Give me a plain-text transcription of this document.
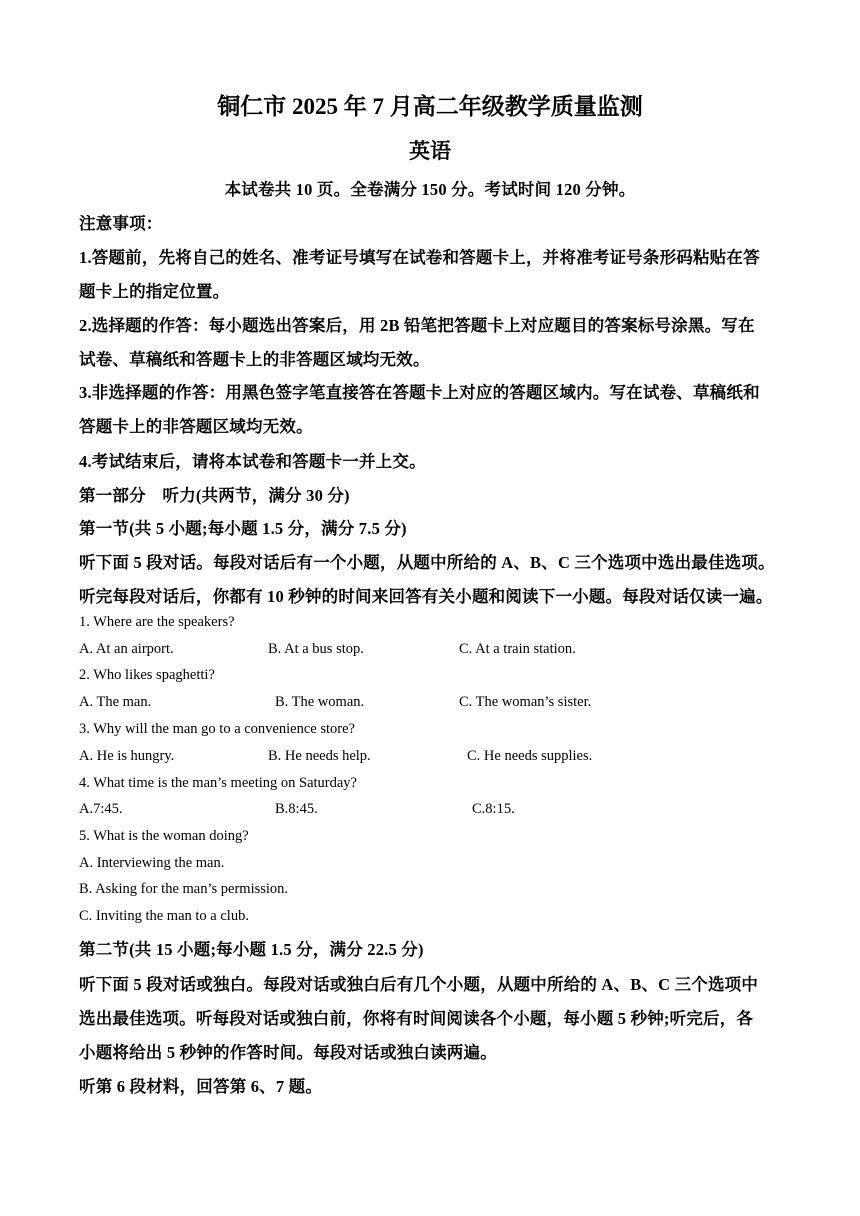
铜仁市 2025 年 7 月高二年级教学质量监测
英语
本试卷共 10 页。全卷满分 150 分。考试时间 120 分钟。
注意事项：
1.答题前，先将自己的姓名、准考证号填写在试卷和答题卡上，并将准考证号条形码粘贴在答
题卡上的指定位置。
2.选择题的作答：每小题选出答案后，用 2B 铅笔把答题卡上对应题目的答案标号涂黑。写在
试卷、草稿纸和答题卡上的非答题区域均无效。
3.非选择题的作答：用黑色签字笔直接答在答题卡上对应的答题区域内。写在试卷、草稿纸和
答题卡上的非答题区域均无效。
4.考试结束后，请将本试卷和答题卡一并上交。
第一部分　听力(共两节，满分 30 分)
第一节(共 5 小题;每小题 1.5 分，满分 7.5 分)
听下面 5 段对话。每段对话后有一个小题，从题中所给的 A、B、C 三个选项中选出最佳选项。
听完每段对话后，你都有 10 秒钟的时间来回答有关小题和阅读下一小题。每段对话仅读一遍。
1. Where are the speakers?
A. At an airport.	B. At a bus stop.	C. At a train station.
2. Who likes spaghetti?
A. The man.	B. The woman.	C. The woman’s sister.
3. Why will the man go to a convenience store?
A. He is hungry.	B. He needs help.	C. He needs supplies.
4. What time is the man’s meeting on Saturday?
A.7:45.	B.8:45.	C.8:15.
5. What is the woman doing?
A. Interviewing the man.
B. Asking for the man’s permission.
C. Inviting the man to a club.
第二节(共 15 小题;每小题 1.5 分，满分 22.5 分)
听下面 5 段对话或独白。每段对话或独白后有几个小题，从题中所给的 A、B、C 三个选项中
选出最佳选项。听每段对话或独白前，你将有时间阅读各个小题，每小题 5 秒钟;听完后，各
小题将给出 5 秒钟的作答时间。每段对话或独白读两遍。
听第 6 段材料，回答第 6、7 题。
